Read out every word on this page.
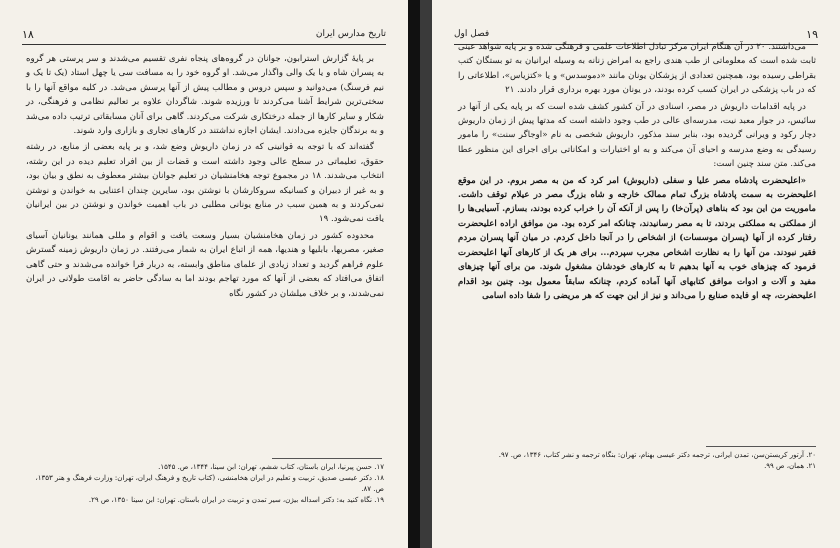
تاریخ مدارس ایران
۱۸

بر پایهٔ گزارش استرابون، جوانان در گروه‌های پنجاه نفری تقسیم می‌شدند و سر پرستی هر گروه به پسران شاه و یا یک والی واگذار می‌شد. او گروه خود را به مسافت سی یا چهل استاد (یک تا یک و نیم فرسنگ) می‌دوانید و سپس دروس و مطالب پیش از آنها پرسش می‌شد. در کلیه مواقع آنها را با سختی‌ترین شرایط آشنا می‌کردند تا ورزیده شوند. شاگردان علاوه بر تعالیم نظامی و فرهنگی، در شکار و سایر کارها از جمله درختکاری شرکت می‌کردند. گاهی برای آنان مسابقاتی ترتیب داده می‌شد و به برندگان جایزه می‌دادند. ایشان اجازه نداشتند در کارهای تجاری و بازاری وارد شوند.

گفته‌اند که با توجه به قوانینی که در زمان داریوش وضع شد، و بر پایه بعضی از منابع، در رشته حقوق، تعلیماتی در سطح عالی وجود داشته است و قضات از بین افراد تعلیم دیده در این رشته، انتخاب می‌شدند. ۱۸ در مجموع توجه هخامنشیان در تعلیم جوانان بیشتر معطوف به نطق و بیان بود، و به غیر از دبیران و کسانیکه سروکارشان با نوشتن بود، سایرین چندان اعتنایی به خواندن و نوشتن نمی‌کردند و به همین سبب در منابع یونانی مطلبی در باب اهمیت خواندن و نوشتن در بین ایرانیان یافت نمی‌شود. ۱۹

محدوده کشور در زمان هخامنشیان بسیار وسعت یافت و اقوام و مللی همانند یونانیان آسیای صغیر، مصریها، بابلیها و هندیها، همه از اتباع ایران به شمار می‌رفتند. در زمان داریوش زمینه گسترش علوم فراهم گردید و تعداد زیادی از علمای مناطق وابسته، به دربار فرا خوانده می‌شدند و حتی گاهی اتفاق می‌افتاد که بعضی از آنها که مورد تهاجم بودند اما به سادگی حاضر به اقامت طولانی در ایران نمی‌شدند، و بر خلاف میلشان در کشور نگاه

۱۷. حسن پیرنیا، ایران باستان، کتاب ششم، تهران: ابن سینا، ۱۳۴۴، ص. ۱۵۴۵.
۱۸. دکتر عیسی صدیق، تربیت و تعلیم در ایران هخامنشی، (کتاب تاریخ و فرهنگ ایران، تهران: وزارت فرهنگ و هنر ۱۳۵۳، ص. ۸۷.
۱۹. نگاه کنید به: دکتر اسداله بیژن، سیر تمدن و تربیت در ایران باستان. تهران: ابن سینا ۱۳۵۰، ص ۲۹.
فصل اول	۱۹

می‌داشتند. ۲۰ در آن هنگام ایران مرکز تبادل اطلاعات علمی و فرهنگی شده و بر پایه شواهد عینی ثابت شده است که معلوماتی از طب هندی راجع به امراض زنانه به وسیله ایرانیان به تو بستگان کتب بقراطی رسیده بود، همچنین تعدادی از پزشکان یونان مانند «دموسدس» و یا «کتزیاس»، اطلاعاتی را که در باب پزشکی در ایران کسب کرده بودند، در یونان مورد بهره برداری قرار دادند. ۲۱

در پایه اقدامات داریوش در مصر، اسنادی در آن کشور کشف شده است که بر پایه یکی از آنها در سائیس، در جوار معبد نیت، مدرسه‌ای عالی در طب وجود داشته است که مدتها پیش از زمان داریوش دچار رکود و ویرانی گردیده بود، بنابر سند مذکور، داریوش شخصی به نام «اوجاگر سنت» را مامور رسیدگی به وضع مدرسه و احیای آن می‌کند و به او اختیارات و امکاناتی برای اجرای این منظور عطا می‌کند. متن سند چنین است:

«اعلیحضرت پادشاه مصر علیا و سفلی (داریوش) امر کرد که من به مصر بروم. در این موقع اعلیحضرت به سمت پادشاه بزرگ تمام ممالک خارجه و شاه بزرگ مصر در عیلام توقف داشت. ماموریت من این بود که بناهای (پرآن‌خا) را پس از آنکه آن را خراب کرده بودند، بسازم. آسیایی‌ها را از مملکتی به مملکتی بردند، تا به مصر رسانیدند، چنانکه امر کرده بود. من موافق اراده اعلیحضرت رفتار کرده از آنها (پسران موسسات) از اشخاص را در آنجا داخل کردم. در میان آنها پسران مردم فقیر نبودند. من آنها را به نظارت اشخاص مجرب سپردم... برای هر یک از کارهای آنها اعلیحضرت فرمود که چیزهای خوب به آنها بدهیم تا به کارهای خودشان مشغول شوند. من برای آنها چیزهای مفید و آلات و ادوات موافق کتابهای آنها آماده کردم، چنانکه سابقاً معمول بود. چنین بود اقدام اعلیحضرت، چه او فایده صنایع را می‌داند و نیز از این جهت که هر مریضی را شفا داده اسامی

۲۰. آرتور کریستن‌سن، تمدن ایرانی، ترجمه دکتر عیسی بهنام، تهران: بنگاه ترجمه و نشر کتاب، ۱۳۴۶، ص. ۹۷.
۲۱. همان، ص ۹۹.
